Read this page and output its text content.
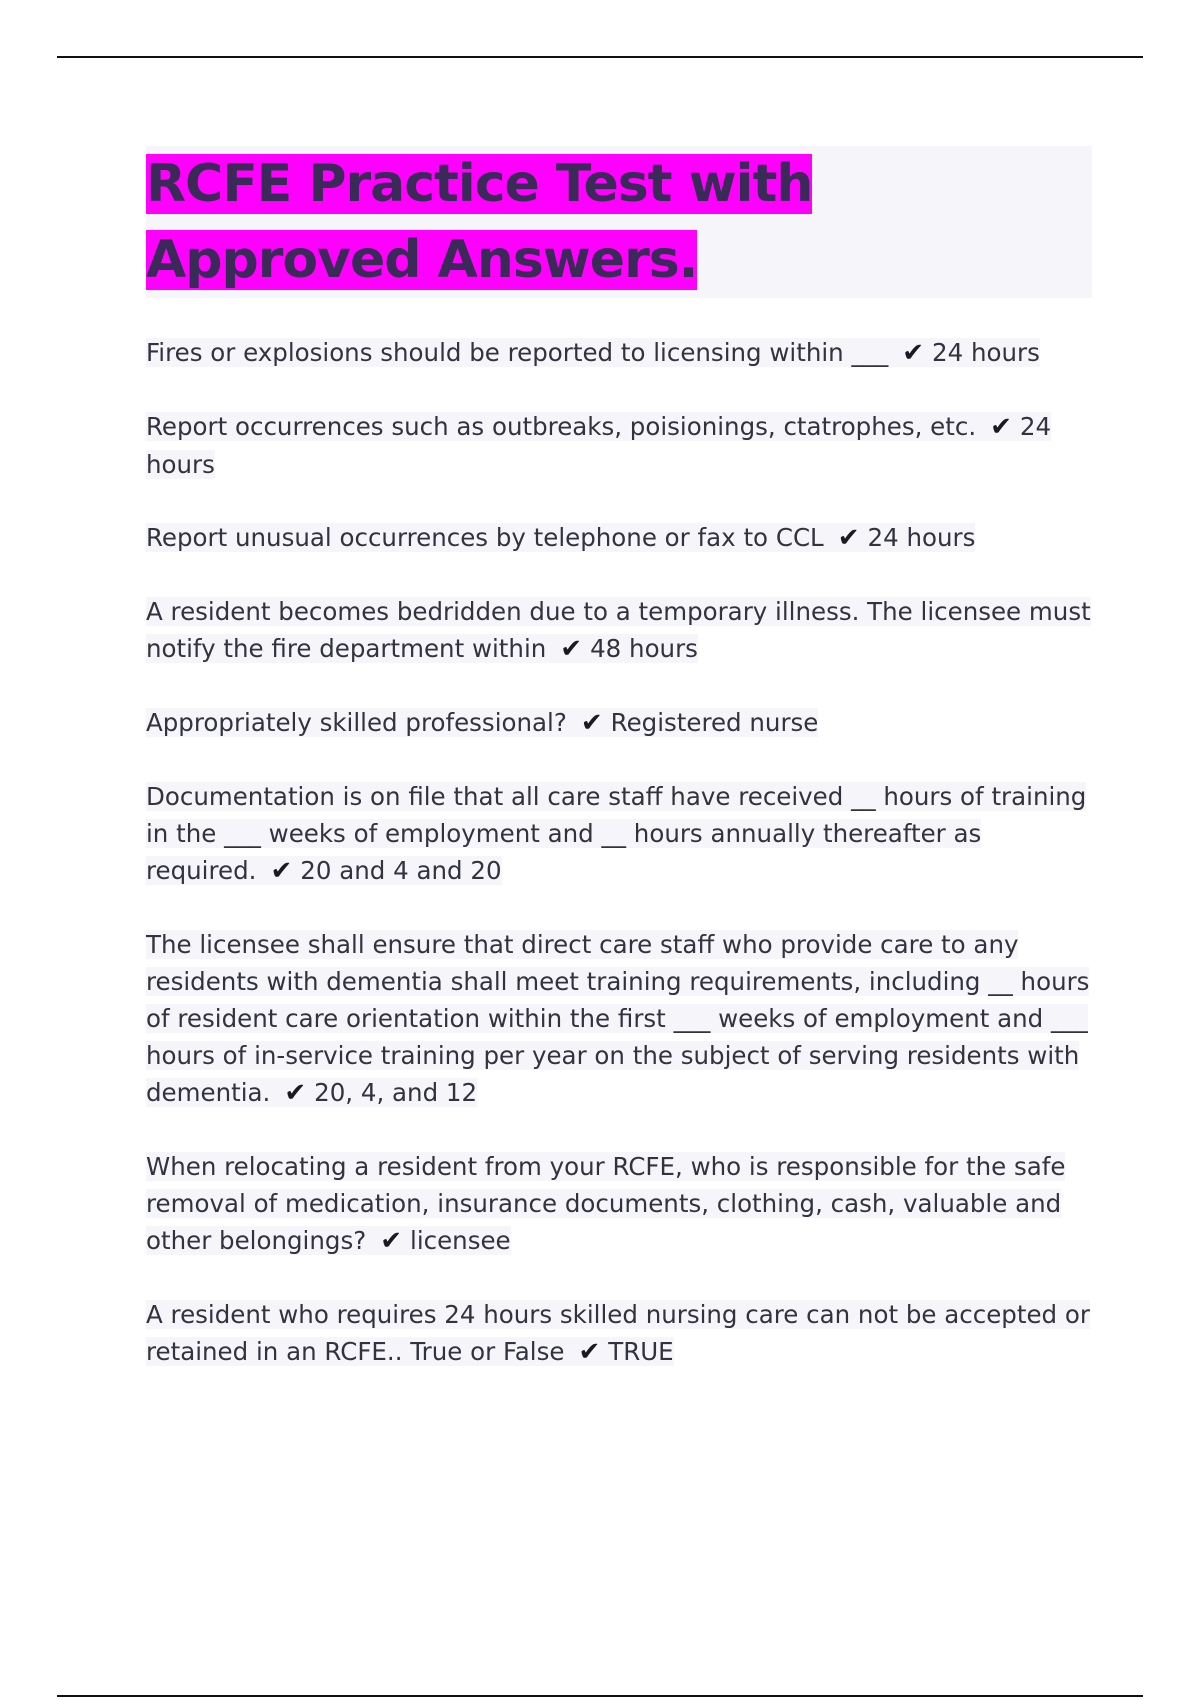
RCFE Practice Test with Approved Answers.

Fires or explosions should be reported to licensing within ___ ✔ 24 hours

Report occurrences such as outbreaks, poisionings, ctatrophes, etc. ✔ 24 hours

Report unusual occurrences by telephone or fax to CCL ✔ 24 hours

A resident becomes bedridden due to a temporary illness. The licensee must notify the fire department within ✔ 48 hours

Appropriately skilled professional? ✔ Registered nurse

Documentation is on file that all care staff have received __ hours of training in the ___ weeks of employment and __ hours annually thereafter as required. ✔ 20 and 4 and 20

The licensee shall ensure that direct care staff who provide care to any residents with dementia shall meet training requirements, including __ hours of resident care orientation within the first ___ weeks of employment and ___ hours of in-service training per year on the subject of serving residents with dementia. ✔ 20, 4, and 12

When relocating a resident from your RCFE, who is responsible for the safe removal of medication, insurance documents, clothing, cash, valuable and other belongings? ✔ licensee

A resident who requires 24 hours skilled nursing care can not be accepted or retained in an RCFE.. True or False ✔ TRUE
